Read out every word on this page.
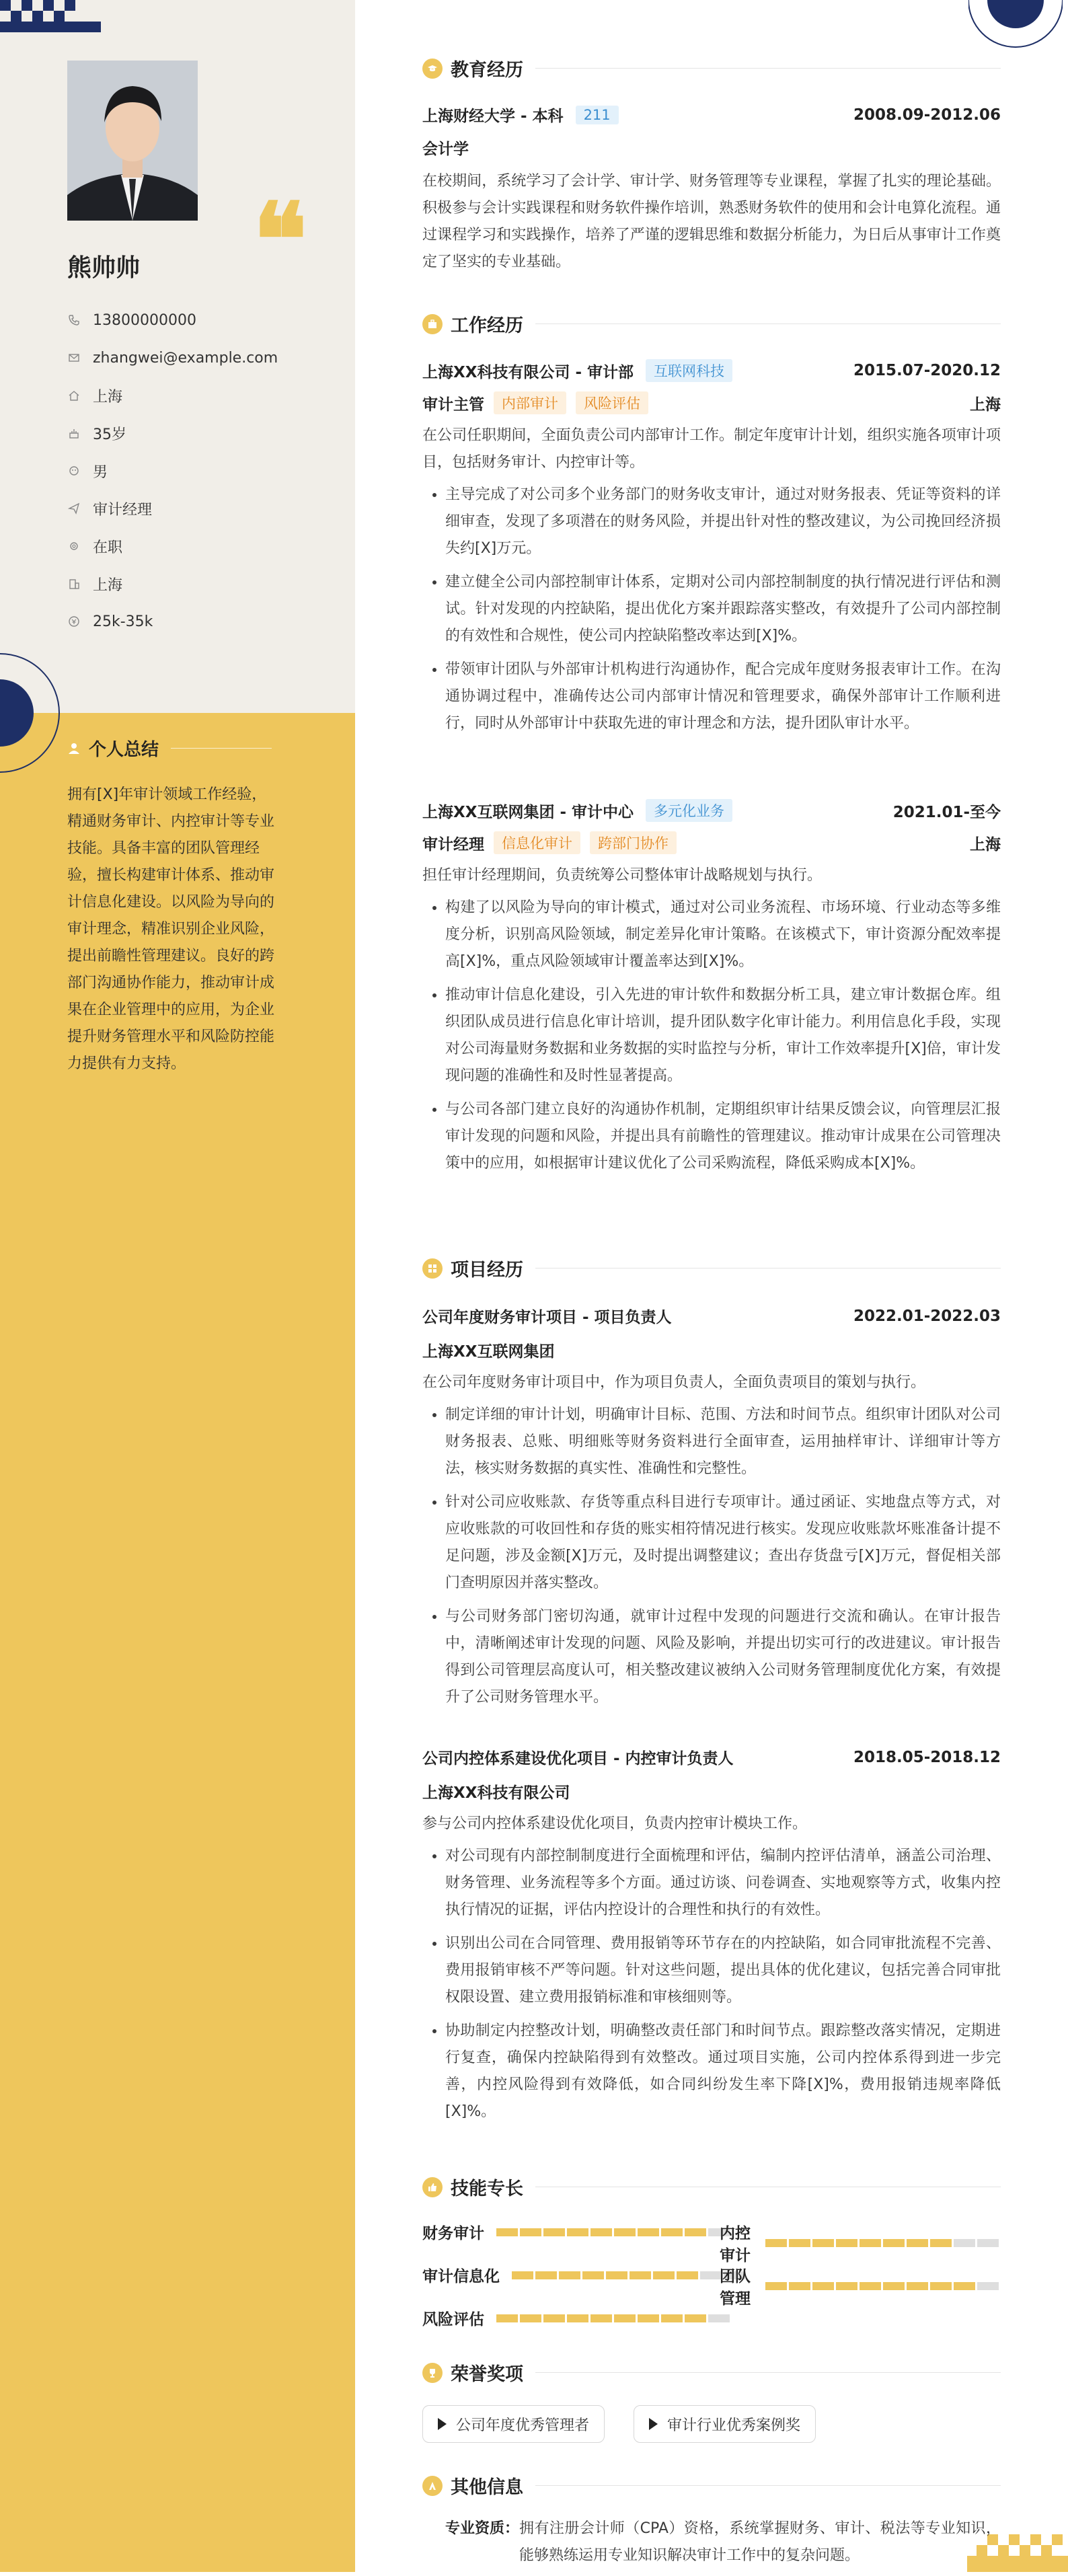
❝
熊帅帅
13800000000
zhangwei@example.com
上海
35岁
男
审计经理
在职
上海
25k-35k
个人总结
拥有[X]年审计领域工作经验，精通财务审计、内控审计等专业技能。具备丰富的团队管理经验，擅长构建审计体系、推动审计信息化建设。以风险为导向的审计理念，精准识别企业风险，提出前瞻性管理建议。良好的跨部门沟通协作能力，推动审计成果在企业管理中的应用，为企业提升财务管理水平和风险防控能力提供有力支持。
教育经历
上海财经大学 - 本科	211	2008.09-2012.06
会计学
在校期间，系统学习了会计学、审计学、财务管理等专业课程，掌握了扎实的理论基础。积极参与会计实践课程和财务软件操作培训，熟悉财务软件的使用和会计电算化流程。通过课程学习和实践操作，培养了严谨的逻辑思维和数据分析能力，为日后从事审计工作奠定了坚实的专业基础。
工作经历
上海XX科技有限公司 - 审计部	互联网科技	2015.07-2020.12
审计主管	内部审计	风险评估	上海
在公司任职期间，全面负责公司内部审计工作。制定年度审计计划，组织实施各项审计项目，包括财务审计、内控审计等。
• 主导完成了对公司多个业务部门的财务收支审计，通过对财务报表、凭证等资料的详细审查，发现了多项潜在的财务风险，并提出针对性的整改建议，为公司挽回经济损失约[X]万元。
• 建立健全公司内部控制审计体系，定期对公司内部控制制度的执行情况进行评估和测试。针对发现的内控缺陷，提出优化方案并跟踪落实整改，有效提升了公司内部控制的有效性和合规性，使公司内控缺陷整改率达到[X]%。
• 带领审计团队与外部审计机构进行沟通协作，配合完成年度财务报表审计工作。在沟通协调过程中，准确传达公司内部审计情况和管理要求，确保外部审计工作顺利进行，同时从外部审计中获取先进的审计理念和方法，提升团队审计水平。
上海XX互联网集团 - 审计中心	多元化业务	2021.01-至今
审计经理	信息化审计	跨部门协作	上海
担任审计经理期间，负责统筹公司整体审计战略规划与执行。
• 构建了以风险为导向的审计模式，通过对公司业务流程、市场环境、行业动态等多维度分析，识别高风险领域，制定差异化审计策略。在该模式下，审计资源分配效率提高[X]%，重点风险领域审计覆盖率达到[X]%。
• 推动审计信息化建设，引入先进的审计软件和数据分析工具，建立审计数据仓库。组织团队成员进行信息化审计培训，提升团队数字化审计能力。利用信息化手段，实现对公司海量财务数据和业务数据的实时监控与分析，审计工作效率提升[X]倍，审计发现问题的准确性和及时性显著提高。
• 与公司各部门建立良好的沟通协作机制，定期组织审计结果反馈会议，向管理层汇报审计发现的问题和风险，并提出具有前瞻性的管理建议。推动审计成果在公司管理决策中的应用，如根据审计建议优化了公司采购流程，降低采购成本[X]%。
项目经历
公司年度财务审计项目 - 项目负责人	2022.01-2022.03
上海XX互联网集团
在公司年度财务审计项目中，作为项目负责人，全面负责项目的策划与执行。
• 制定详细的审计计划，明确审计目标、范围、方法和时间节点。组织审计团队对公司财务报表、总账、明细账等财务资料进行全面审查，运用抽样审计、详细审计等方法，核实财务数据的真实性、准确性和完整性。
• 针对公司应收账款、存货等重点科目进行专项审计。通过函证、实地盘点等方式，对应收账款的可收回性和存货的账实相符情况进行核实。发现应收账款坏账准备计提不足问题，涉及金额[X]万元，及时提出调整建议；查出存货盘亏[X]万元，督促相关部门查明原因并落实整改。
• 与公司财务部门密切沟通，就审计过程中发现的问题进行交流和确认。在审计报告中，清晰阐述审计发现的问题、风险及影响，并提出切实可行的改进建议。审计报告得到公司管理层高度认可，相关整改建议被纳入公司财务管理制度优化方案，有效提升了公司财务管理水平。
公司内控体系建设优化项目 - 内控审计负责人	2018.05-2018.12
上海XX科技有限公司
参与公司内控体系建设优化项目，负责内控审计模块工作。
• 对公司现有内部控制制度进行全面梳理和评估，编制内控评估清单，涵盖公司治理、财务管理、业务流程等多个方面。通过访谈、问卷调查、实地观察等方式，收集内控执行情况的证据，评估内控设计的合理性和执行的有效性。
• 识别出公司在合同管理、费用报销等环节存在的内控缺陷，如合同审批流程不完善、费用报销审核不严等问题。针对这些问题，提出具体的优化建议，包括完善合同审批权限设置、建立费用报销标准和审核细则等。
• 协助制定内控整改计划，明确整改责任部门和时间节点。跟踪整改落实情况，定期进行复查，确保内控缺陷得到有效整改。通过项目实施，公司内控体系得到进一步完善，内控风险得到有效降低，如合同纠纷发生率下降[X]%，费用报销违规率降低[X]%。
技能专长
财务审计	内控审计
审计信息化	团队管理
风险评估
荣誉奖项
公司年度优秀管理者	审计行业优秀案例奖
其他信息
专业资质： 拥有注册会计师（CPA）资格，系统掌握财务、审计、税法等专业知识，能够熟练运用专业知识解决审计工作中的复杂问题。
